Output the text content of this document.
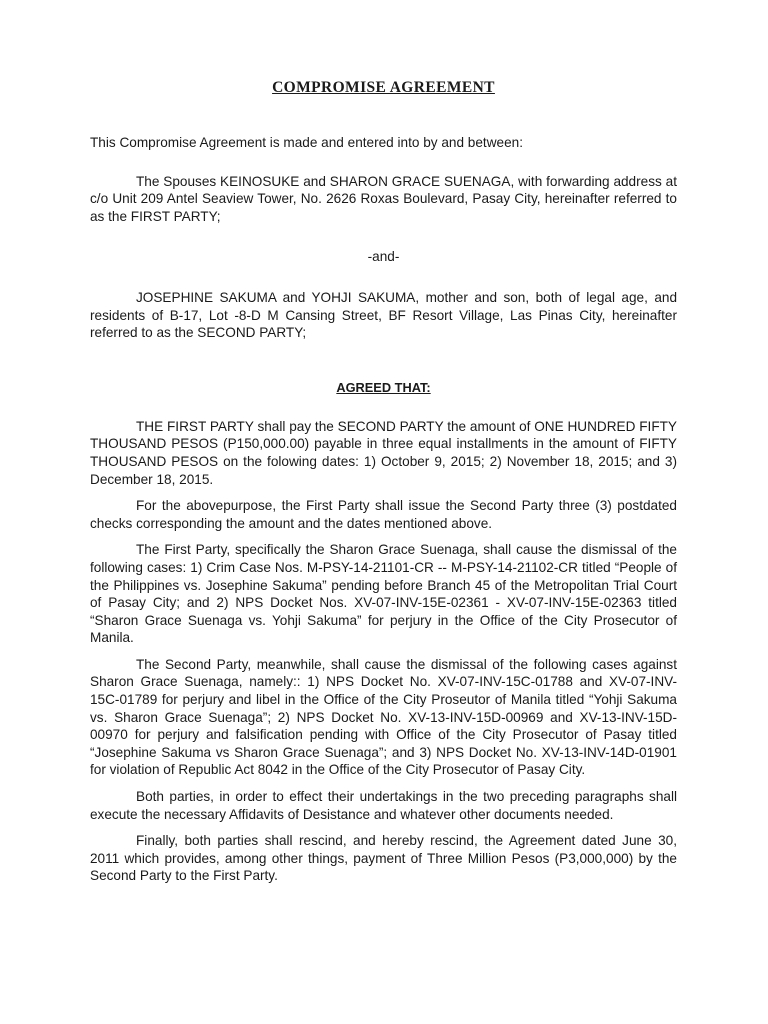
COMPROMISE AGREEMENT
This Compromise Agreement is made and entered into by and between:

The Spouses KEINOSUKE and SHARON GRACE SUENAGA, with forwarding address at c/o Unit 209 Antel Seaview Tower, No. 2626 Roxas Boulevard, Pasay City, hereinafter referred to as the FIRST PARTY;

-and-

JOSEPHINE SAKUMA and YOHJI SAKUMA, mother and son, both of legal age, and residents of B-17, Lot -8-D M Cansing Street, BF Resort Village, Las Pinas City, hereinafter referred to as the SECOND PARTY;

AGREED THAT:

THE FIRST PARTY shall pay the SECOND PARTY the amount of ONE HUNDRED FIFTY THOUSAND PESOS (P150,000.00) payable in three equal installments in the amount of FIFTY THOUSAND PESOS on the folowing dates: 1) October 9, 2015; 2) November 18, 2015; and 3) December 18, 2015.

For the abovepurpose, the First Party shall issue the Second Party three (3) postdated checks corresponding the amount and the dates mentioned above.

The First Party, specifically the Sharon Grace Suenaga, shall cause the dismissal of the following cases: 1) Crim Case Nos. M-PSY-14-21101-CR -- M-PSY-14-21102-CR titled “People of the Philippines vs. Josephine Sakuma” pending before Branch 45 of the Metropolitan Trial Court of Pasay City; and 2) NPS Docket Nos. XV-07-INV-15E-02361 - XV-07-INV-15E-02363 titled “Sharon Grace Suenaga vs. Yohji Sakuma” for perjury in the Office of the City Prosecutor of Manila.

The Second Party, meanwhile, shall cause the dismissal of the following cases against Sharon Grace Suenaga, namely:: 1) NPS Docket No. XV-07-INV-15C-01788 and XV-07-INV-15C-01789 for perjury and libel in the Office of the City Proseutor of Manila titled “Yohji Sakuma vs. Sharon Grace Suenaga”; 2) NPS Docket No. XV-13-INV-15D-00969 and XV-13-INV-15D-00970 for perjury and falsification pending with Office of the City Prosecutor of Pasay titled “Josephine Sakuma vs Sharon Grace Suenaga”; and 3) NPS Docket No. XV-13-INV-14D-01901 for violation of Republic Act 8042 in the Office of the City Prosecutor of Pasay City.

Both parties, in order to effect their undertakings in the two preceding paragraphs shall execute the necessary Affidavits of Desistance and whatever other documents needed.

Finally, both parties shall rescind, and hereby rescind, the Agreement dated June 30, 2011 which provides, among other things, payment of Three Million Pesos (P3,000,000) by the Second Party to the First Party.
